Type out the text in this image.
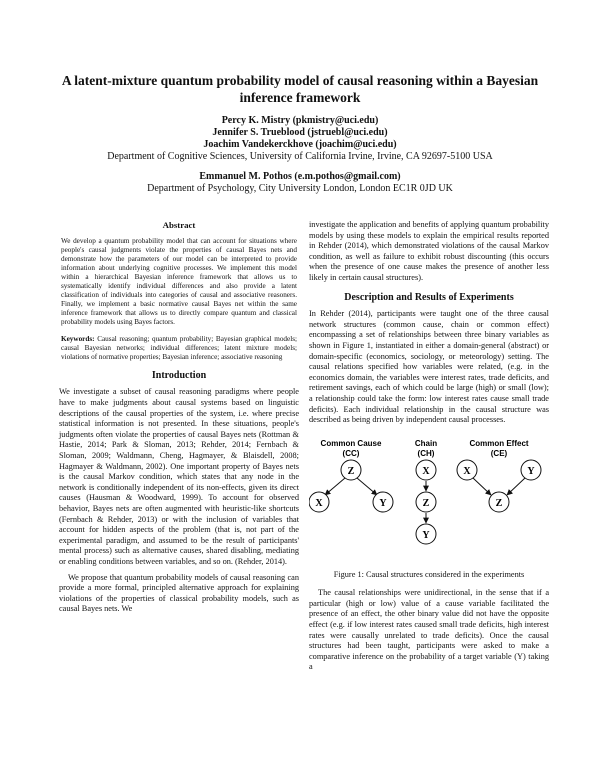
A latent-mixture quantum probability model of causal reasoning within a Bayesian inference framework
Percy K. Mistry (pkmistry@uci.edu)
Jennifer S. Trueblood (jstruebl@uci.edu)
Joachim Vandekerckhove (joachim@uci.edu)
Department of Cognitive Sciences, University of California Irvine, Irvine, CA 92697-5100 USA
Emmanuel M. Pothos (e.m.pothos@gmail.com)
Department of Psychology, City University London, London EC1R 0JD UK
Abstract
We develop a quantum probability model that can account for situations where people's causal judgments violate the properties of causal Bayes nets and demonstrate how the parameters of our model can be interpreted to provide information about underlying cognitive processes. We implement this model within a hierarchical Bayesian inference framework that allows us to systematically identify individual differences and also provide a latent classification of individuals into categories of causal and associative reasoners. Finally, we implement a basic normative causal Bayes net within the same inference framework that allows us to directly compare quantum and classical probability models using Bayes factors.
Keywords: Causal reasoning; quantum probability; Bayesian graphical models; causal Bayesian networks; individual differences; latent mixture models; violations of normative properties; Bayesian inference; associative reasoning
Introduction
We investigate a subset of causal reasoning paradigms where people have to make judgments about causal systems based on linguistic descriptions of the causal properties of the system, i.e. where precise statistical information is not presented. In these situations, people's judgments often violate the properties of causal Bayes nets (Rottman & Hastie, 2014; Park & Sloman, 2013; Rehder, 2014; Fernbach & Sloman, 2009; Waldmann, Cheng, Hagmayer, & Blaisdell, 2008; Hagmayer & Waldmann, 2002). One important property of Bayes nets is the causal Markov condition, which states that any node in the network is conditionally independent of its non-effects, given its direct causes (Hausman & Woodward, 1999). To account for observed behavior, Bayes nets are often augmented with heuristic-like shortcuts (Fernbach & Rehder, 2013) or with the inclusion of variables that account for hidden aspects of the problem (that is, not part of the experimental paradigm, and assumed to be the result of participants' mental process) such as alternative causes, shared disabling, mediating or enabling conditions between variables, and so on. (Rehder, 2014).
We propose that quantum probability models of causal reasoning can provide a more formal, principled alternative approach for explaining violations of the properties of classical probability models, such as causal Bayes nets. We
investigate the application and benefits of applying quantum probability models by using these models to explain the empirical results reported in Rehder (2014), which demonstrated violations of the causal Markov condition, as well as failure to exhibit robust discounting (this occurs when the presence of one cause makes the presence of another less likely in certain causal structures).
Description and Results of Experiments
In Rehder (2014), participants were taught one of the three causal network structures (common cause, chain or common effect) encompassing a set of relationships between three binary variables as shown in Figure 1, instantiated in either a domain-general (abstract) or domain-specific (economics, sociology, or meteorology) setting. The causal relations specified how variables were related, (e.g. in the economics domain, the variables were interest rates, trade deficits, and retirement savings, each of which could be large (high) or small (low); a relationship could take the form: low interest rates cause small trade deficits). Each individual relationship in the causal structure was described as being driven by independent causal processes.
Common Cause
(CC)
Z
X	Y
Chain
(CH)
X
Z
Y
Common Effect
(CE)
X	Y
Z
Figure 1: Causal structures considered in the experiments
The causal relationships were unidirectional, in the sense that if a particular (high or low) value of a cause variable facilitated the presence of an effect, the other binary value did not have the opposite effect (e.g. if low interest rates caused small trade deficits, high interest rates were causally unrelated to trade deficits). Once the causal structures had been taught, participants were asked to make a comparative inference on the probability of a target variable (Y) taking a
